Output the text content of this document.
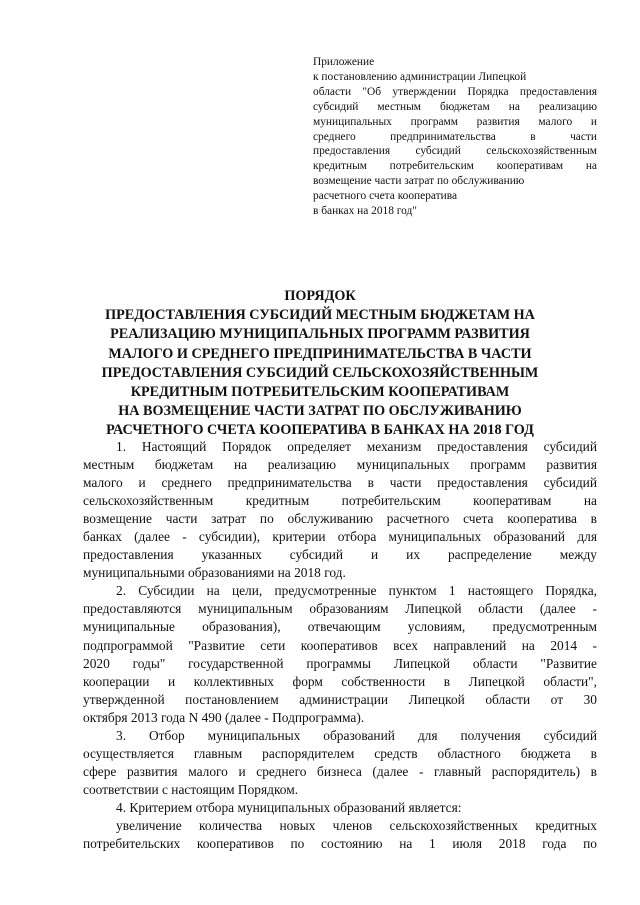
Приложение
к постановлению администрации Липецкой
области "Об утверждении Порядка предоставления
субсидий местным бюджетам на реализацию
муниципальных программ развития малого и
среднего предпринимательства в части
предоставления субсидий сельскохозяйственным
кредитным потребительским кооперативам на
возмещение части затрат по обслуживанию
расчетного счета кооператива
в банках на 2018 год"
ПОРЯДОК
ПРЕДОСТАВЛЕНИЯ СУБСИДИЙ МЕСТНЫМ БЮДЖЕТАМ НА
РЕАЛИЗАЦИЮ МУНИЦИПАЛЬНЫХ ПРОГРАММ РАЗВИТИЯ
МАЛОГО И СРЕДНЕГО ПРЕДПРИНИМАТЕЛЬСТВА В ЧАСТИ
ПРЕДОСТАВЛЕНИЯ СУБСИДИЙ СЕЛЬСКОХОЗЯЙСТВЕННЫМ
КРЕДИТНЫМ ПОТРЕБИТЕЛЬСКИМ КООПЕРАТИВАМ
НА ВОЗМЕЩЕНИЕ ЧАСТИ ЗАТРАТ ПО ОБСЛУЖИВАНИЮ
РАСЧЕТНОГО СЧЕТА КООПЕРАТИВА В БАНКАХ НА 2018 ГОД
1. Настоящий Порядок определяет механизм предоставления субсидий
местным бюджетам на реализацию муниципальных программ развития
малого и среднего предпринимательства в части предоставления субсидий
сельскохозяйственным кредитным потребительским кооперативам на
возмещение части затрат по обслуживанию расчетного счета кооператива в
банках (далее - субсидии), критерии отбора муниципальных образований для
предоставления указанных субсидий и их распределение между
муниципальными образованиями на 2018 год.
2. Субсидии на цели, предусмотренные пунктом 1 настоящего Порядка,
предоставляются муниципальным образованиям Липецкой области (далее -
муниципальные образования), отвечающим условиям, предусмотренным
подпрограммой "Развитие сети кооперативов всех направлений на 2014 -
2020 годы" государственной программы Липецкой области "Развитие
кооперации и коллективных форм собственности в Липецкой области",
утвержденной постановлением администрации Липецкой области от 30
октября 2013 года N 490 (далее - Подпрограмма).
3. Отбор муниципальных образований для получения субсидий
осуществляется главным распорядителем средств областного бюджета в
сфере развития малого и среднего бизнеса (далее - главный распорядитель) в
соответствии с настоящим Порядком.
4. Критерием отбора муниципальных образований является:
увеличение количества новых членов сельскохозяйственных кредитных
потребительских кооперативов по состоянию на 1 июля 2018 года по
